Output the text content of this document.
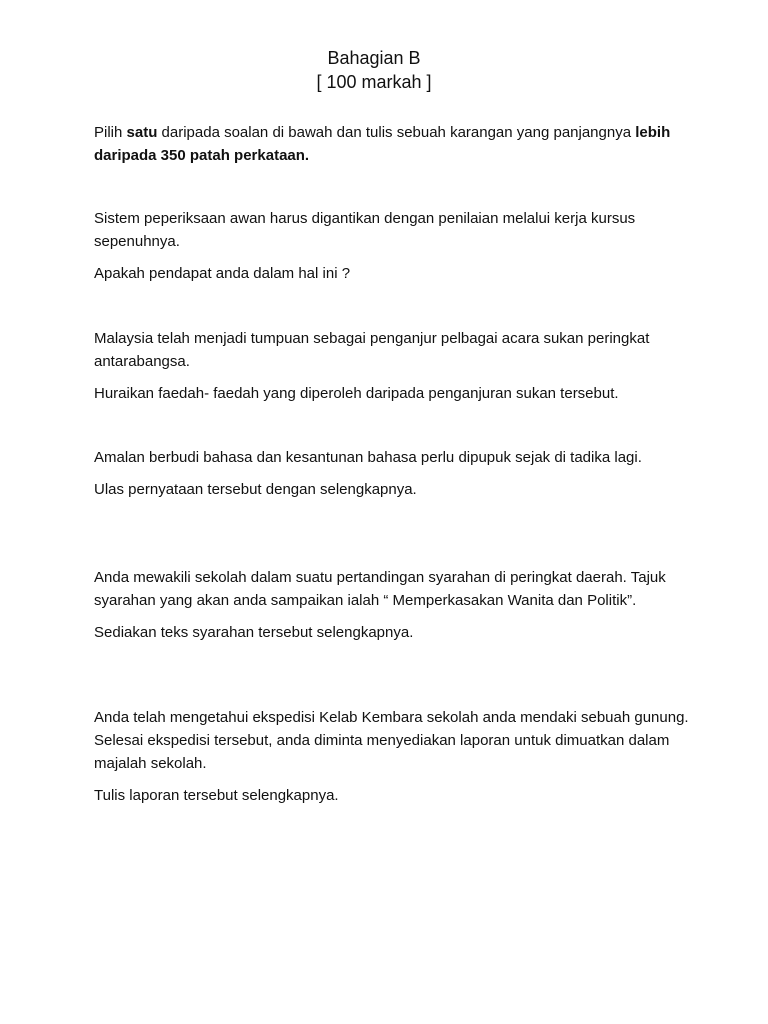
Bahagian B
[ 100 markah ]

Pilih satu daripada soalan di bawah dan tulis sebuah karangan yang panjangnya lebih daripada 350 patah perkataan.

Sistem peperiksaan awan harus digantikan dengan penilaian melalui kerja kursus sepenuhnya.

Apakah pendapat anda dalam hal ini ?

Malaysia telah menjadi tumpuan sebagai penganjur pelbagai acara sukan peringkat antarabangsa.

Huraikan faedah- faedah yang diperoleh daripada penganjuran sukan tersebut.

Amalan berbudi bahasa dan kesantunan bahasa perlu dipupuk sejak di tadika lagi.

Ulas pernyataan tersebut dengan selengkapnya.

Anda mewakili sekolah dalam suatu pertandingan syarahan di peringkat daerah. Tajuk syarahan yang akan anda sampaikan ialah “ Memperkasakan Wanita dan Politik”.

Sediakan teks syarahan tersebut selengkapnya.

Anda telah mengetahui ekspedisi Kelab Kembara sekolah anda mendaki sebuah gunung. Selesai ekspedisi tersebut, anda diminta menyediakan laporan untuk dimuatkan dalam majalah sekolah.

Tulis laporan tersebut selengkapnya.
